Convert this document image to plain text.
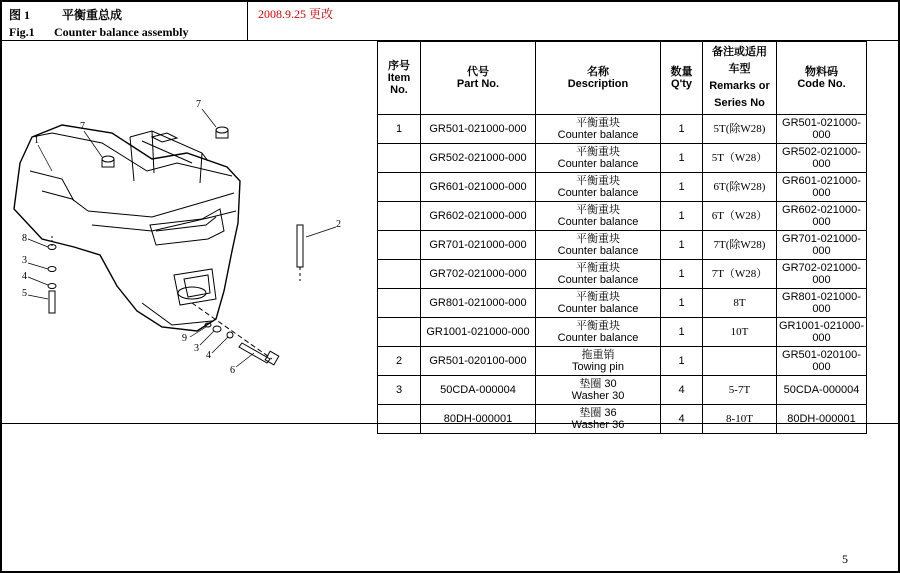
图 1	平衡重总成
Fig.1 Counter balance assembly
2008.9.25 更改
1
7
7
2
8
3
4
5
9
3
4
6
序号
Item
No.	代号
Part No.	名称
Description	数量
Q'ty	备注或适用
车型
Remarks or
Series No	物料码
Code No.
1	GR501-021000-000	平衡重块
Counter balance	1	5T(除W28)	GR501-021000-000
	GR502-021000-000	平衡重块
Counter balance	1	5T（W28）	GR502-021000-000
	GR601-021000-000	平衡重块
Counter balance	1	6T(除W28)	GR601-021000-000
	GR602-021000-000	平衡重块
Counter balance	1	6T（W28）	GR602-021000-000
	GR701-021000-000	平衡重块
Counter balance	1	7T(除W28)	GR701-021000-000
	GR702-021000-000	平衡重块
Counter balance	1	7T（W28）	GR702-021000-000
	GR801-021000-000	平衡重块
Counter balance	1	8T	GR801-021000-000
	GR1001-021000-000	平衡重块
Counter balance	1	10T	GR1001-021000-000
2	GR501-020100-000	拖重销
Towing pin	1		GR501-020100-000
3	50CDA-000004	垫圈 30
Washer 30	4	5-7T	50CDA-000004
	80DH-000001	垫圈 36
Washer 36	4	8-10T	80DH-000001
5
